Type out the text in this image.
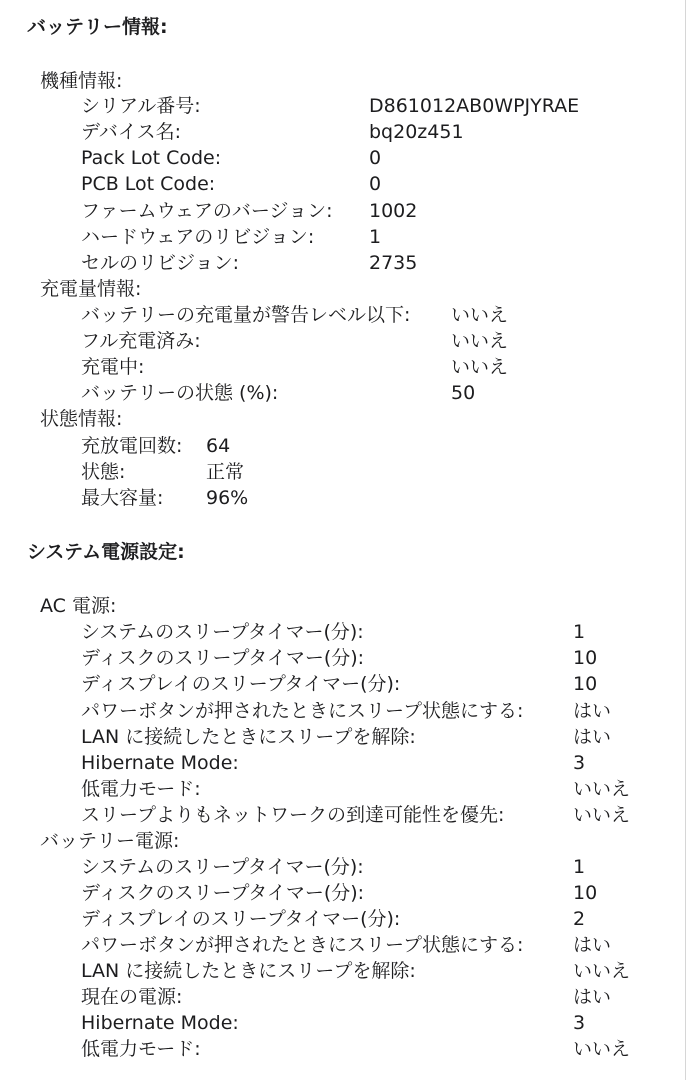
バッテリー情報:
機種情報:
シリアル番号:	D861012AB0WPJYRAE
デバイス名:	bq20z451
Pack Lot Code:	0
PCB Lot Code:	0
ファームウェアのバージョン: 1002
ハードウェアのリビジョン:	1
セルのリビジョン:	2735
充電量情報:
バッテリーの充電量が警告レベル以下: いいえ
フル充電済み:	いいえ
充電中:	いいえ
バッテリーの状態 (%):	50
状態情報:
充放電回数: 64
状態:	正常
最大容量: 96%
システム電源設定:
AC 電源:
システムのスリープタイマー(分):	1
ディスクのスリープタイマー(分):	10
ディスプレイのスリープタイマー(分):	10
パワーボタンが押されたときにスリープ状態にする:	はい
LAN に接続したときにスリープを解除:	はい
Hibernate Mode:	3
低電力モード:	いいえ
スリープよりもネットワークの到達可能性を優先:	いいえ
バッテリー電源:
システムのスリープタイマー(分):	1
ディスクのスリープタイマー(分):	10
ディスプレイのスリープタイマー(分):	2
パワーボタンが押されたときにスリープ状態にする:	はい
LAN に接続したときにスリープを解除:	いいえ
現在の電源:	はい
Hibernate Mode:	3
低電力モード:	いいえ
